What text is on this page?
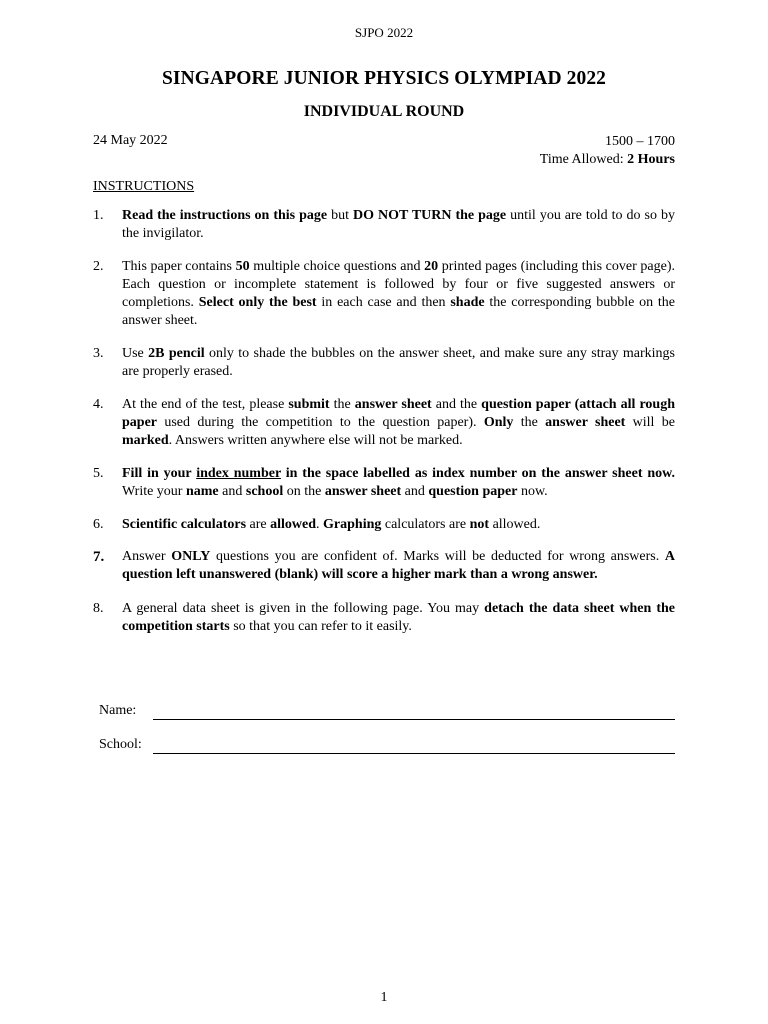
SJPO 2022
SINGAPORE JUNIOR PHYSICS OLYMPIAD 2022
INDIVIDUAL ROUND
24 May 2022	1500 – 1700
Time Allowed: 2 Hours
INSTRUCTIONS
1.	Read the instructions on this page but DO NOT TURN the page until you are told to do so by the invigilator.
2.	This paper contains 50 multiple choice questions and 20 printed pages (including this cover page). Each question or incomplete statement is followed by four or five suggested answers or completions. Select only the best in each case and then shade the corresponding bubble on the answer sheet.
3.	Use 2B pencil only to shade the bubbles on the answer sheet, and make sure any stray markings are properly erased.
4.	At the end of the test, please submit the answer sheet and the question paper (attach all rough paper used during the competition to the question paper). Only the answer sheet will be marked. Answers written anywhere else will not be marked.
5.	Fill in your index number in the space labelled as index number on the answer sheet now. Write your name and school on the answer sheet and question paper now.
6.	Scientific calculators are allowed. Graphing calculators are not allowed.
7.	Answer ONLY questions you are confident of. Marks will be deducted for wrong answers. A question left unanswered (blank) will score a higher mark than a wrong answer.
8.	A general data sheet is given in the following page. You may detach the data sheet when the competition starts so that you can refer to it easily.
Name:
School:
1
